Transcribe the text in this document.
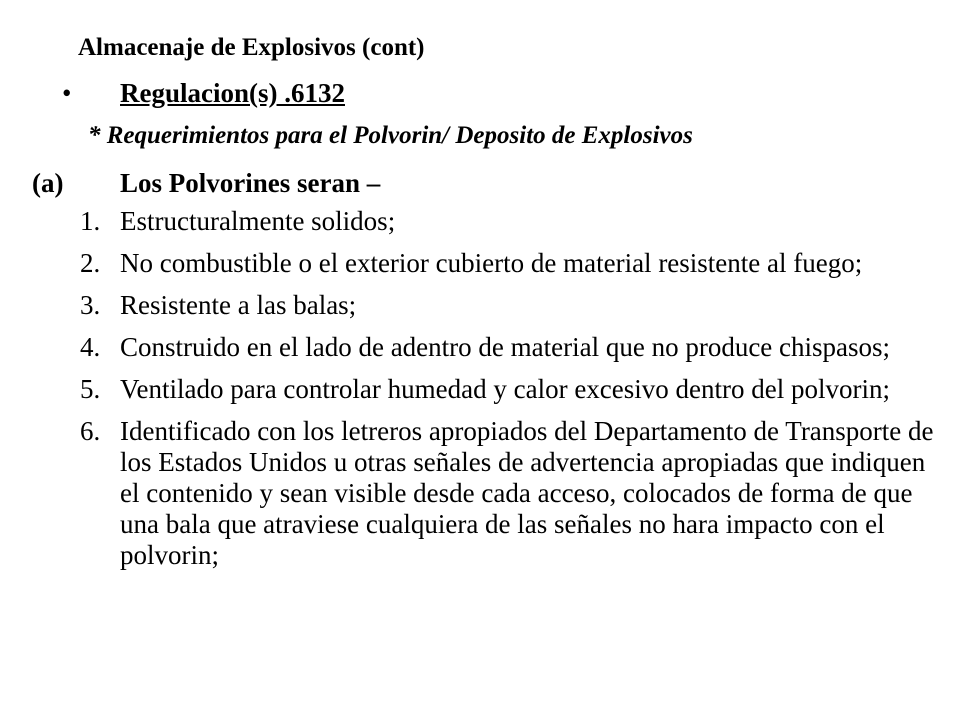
Almacenaje de Explosivos (cont)
• Regulacion(s) .6132
* Requerimientos para el Polvorin/ Deposito de Explosivos
(a) Los Polvorines seran –
1. Estructuralmente solidos;
2. No combustible o el exterior cubierto de material resistente al fuego;
3. Resistente a las balas;
4. Construido en el lado de adentro de material que no produce chispasos;
5. Ventilado para controlar humedad y calor excesivo dentro del polvorin;
6. Identificado con los letreros apropiados del Departamento de Transporte de los Estados Unidos u otras señales de advertencia apropiadas que indiquen el contenido y sean visible desde cada acceso, colocados de forma de que una bala que atraviese cualquiera de las señales no hara impacto con el polvorin;
